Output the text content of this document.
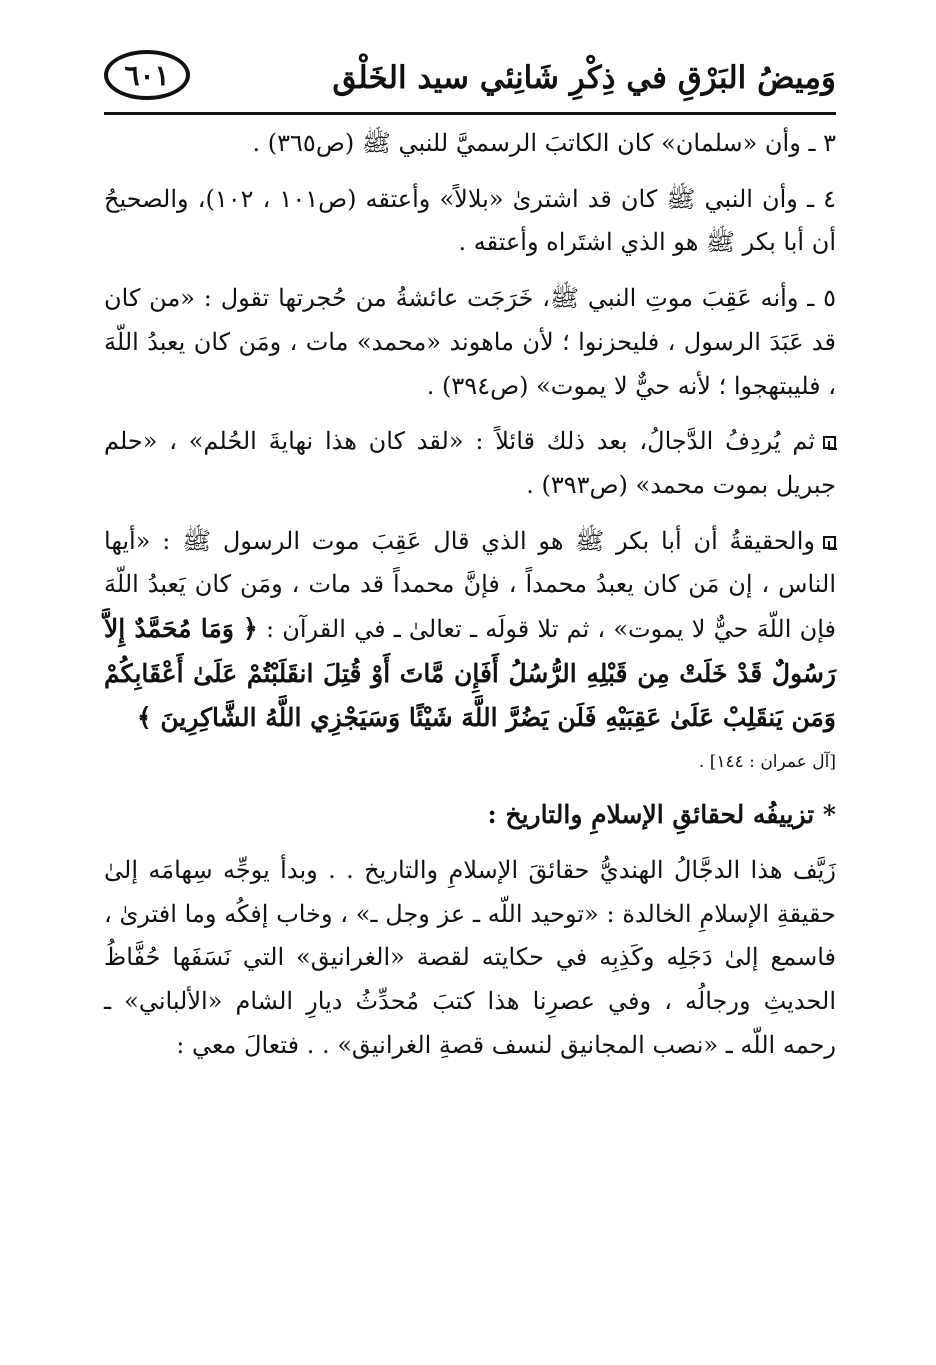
وَمِيضُ البَرْقِ في ذِكْرِ شَانِئي سيد الخَلْق
٦٠١

٣ ـ وأن «سلمان» كان الكاتبَ الرسميَّ للنبي ﷺ (ص٣٦٥) .

٤ ـ وأن النبي ﷺ كان قد اشترىٰ «بلالاً» وأعتقه (ص١٠١ ، ١٠٢)، والصحيحُ أن أبا بكر ﷺ هو الذي اشتَراه وأعتقه .

٥ ـ وأنه عَقِبَ موتِ النبي ﷺ، خَرَجَت عائشةُ من حُجرتها تقول : «من كان قد عَبَدَ الرسول ، فليحزنوا ؛ لأن ماهوند «محمد» مات ، ومَن كان يعبدُ اللّهَ ، فليبتهجوا ؛ لأنه حيٌّ لا يموت» (ص٣٩٤) .

ثم يُردِفُ الدَّجالُ، بعد ذلك قائلاً : «لقد كان هذا نهايةَ الحُلم» ، «حلم جبريل بموت محمد» (ص٣٩٣) .

والحقيقةُ أن أبا بكر ﷺ هو الذي قال عَقِبَ موت الرسول ﷺ : «أيها الناس ، إن مَن كان يعبدُ محمداً ، فإنَّ محمداً قد مات ، ومَن كان يَعبدُ اللّهَ فإن اللّهَ حيٌّ لا يموت» ، ثم تلا قولَه ـ تعالىٰ ـ في القرآن : ﴿ وَمَا مُحَمَّدٌ إِلاَّ رَسُولٌ قَدْ خَلَتْ مِن قَبْلِهِ الرُّسُلُ أَفَإِن مَّاتَ أَوْ قُتِلَ انقَلَبْتُمْ عَلَىٰ أَعْقَابِكُمْ وَمَن يَنقَلِبْ عَلَىٰ عَقِبَيْهِ فَلَن يَضُرَّ اللَّهَ شَيْئًا وَسَيَجْزِي اللَّهُ الشَّاكِرِينَ ﴾

[آل عمران : ١٤٤] .

* تزييفُه لحقائقِ الإسلامِ والتاريخ :

زَيَّف هذا الدجَّالُ الهنديُّ حقائقَ الإسلامِ والتاريخ . . وبدأ يوجِّه سِهامَه إلىٰ حقيقةِ الإسلامِ الخالدة : «توحيد اللّه ـ عز وجل ـ» ، وخاب إفكُه وما افترىٰ ، فاسمع إلىٰ دَجَلِه وكَذِبِه في حكايته لقصة «الغرانيق» التي نَسَفَها حُفَّاظُ الحديثِ ورجالُه ، وفي عصرِنا هذا كتبَ مُحدِّثُ ديارِ الشام «الألباني» ـ رحمه اللّه ـ «نصب المجانيق لنسف قصةِ الغرانيق» . . فتعالَ معي :
